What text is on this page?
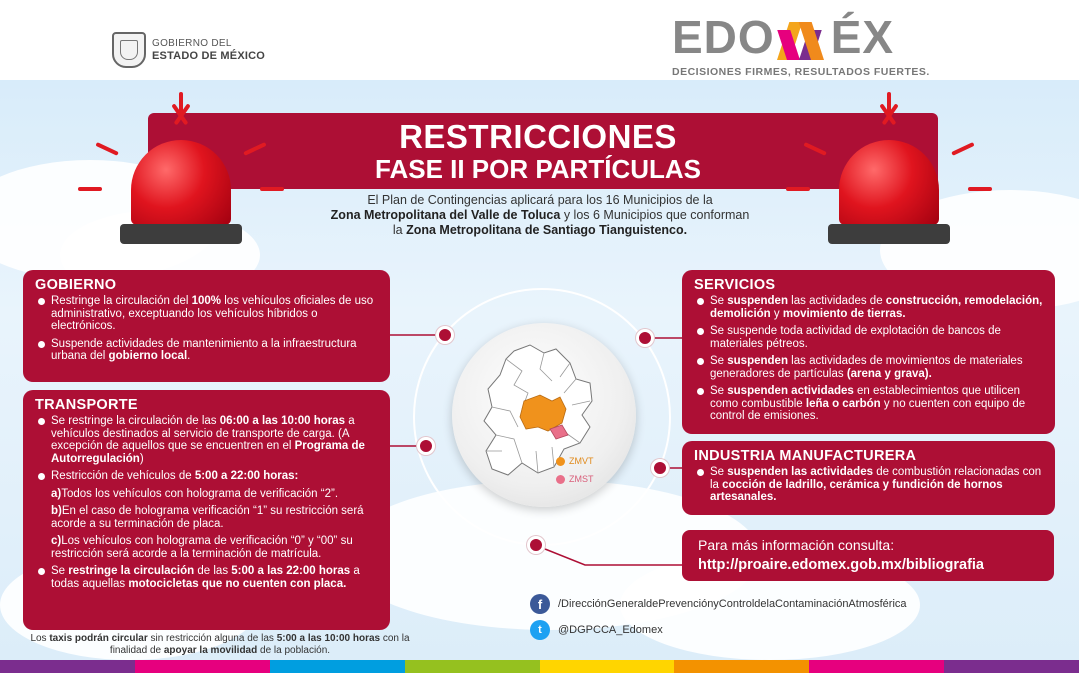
GOBIERNO DEL
ESTADO DE MÉXICO	EDO ÉX
DECISIONES FIRMES, RESULTADOS FUERTES.
RESTRICCIONES
FASE II POR PARTÍCULAS
El Plan de Contingencias aplicará para los 16 Municipios de la
Zona Metropolitana del Valle de Toluca y los 6 Municipios que conforman
la Zona Metropolitana de Santiago Tianguistenco.
ZMVT
ZMST
GOBIERNO
Restringe la circulación del 100% los vehículos oficiales de uso administrativo, exceptuando los vehículos híbridos o electrónicos.
Suspende actividades de mantenimiento a la infraestructura urbana del gobierno local.
TRANSPORTE
Se restringe la circulación de las 06:00 a las 10:00 horas a vehículos destinados al servicio de transporte de carga. (A excepción de aquellos que se encuentren en el Programa de Autorregulación)
Restricción de vehículos de 5:00 a 22:00 horas:
a)Todos los vehículos con holograma de verificación “2”.
b)En el caso de holograma verificación “1” su restricción será acorde a su terminación de placa.
c)Los vehículos con holograma de verificación “0” y “00” su restricción será acorde a la terminación de matrícula.
Se restringe la circulación de las 5:00 a las 22:00 horas a todas aquellas motocicletas que no cuenten con placa.
Los taxis podrán circular sin restricción alguna de las 5:00 a las 10:00 horas con la finalidad de apoyar la movilidad de la población.
SERVICIOS
Se suspenden las actividades de construcción, remodelación, demolición y movimiento de tierras.
Se suspende toda actividad de explotación de bancos de materiales pétreos.
Se suspenden las actividades de movimientos de materiales generadores de partículas (arena y grava).
Se suspenden actividades en establecimientos que utilicen como combustible leña o carbón y no cuenten con equipo de control de emisiones.
INDUSTRIA MANUFACTURERA
Se suspenden las actividades de combustión relacionadas con la cocción de ladrillo, cerámica y fundición de hornos artesanales.
Para más información consulta:
http://proaire.edomex.gob.mx/bibliografia
f	/DirecciónGeneraldePrevenciónyControldelaContaminaciónAtmosférica
t	@DGPCCA_Edomex
